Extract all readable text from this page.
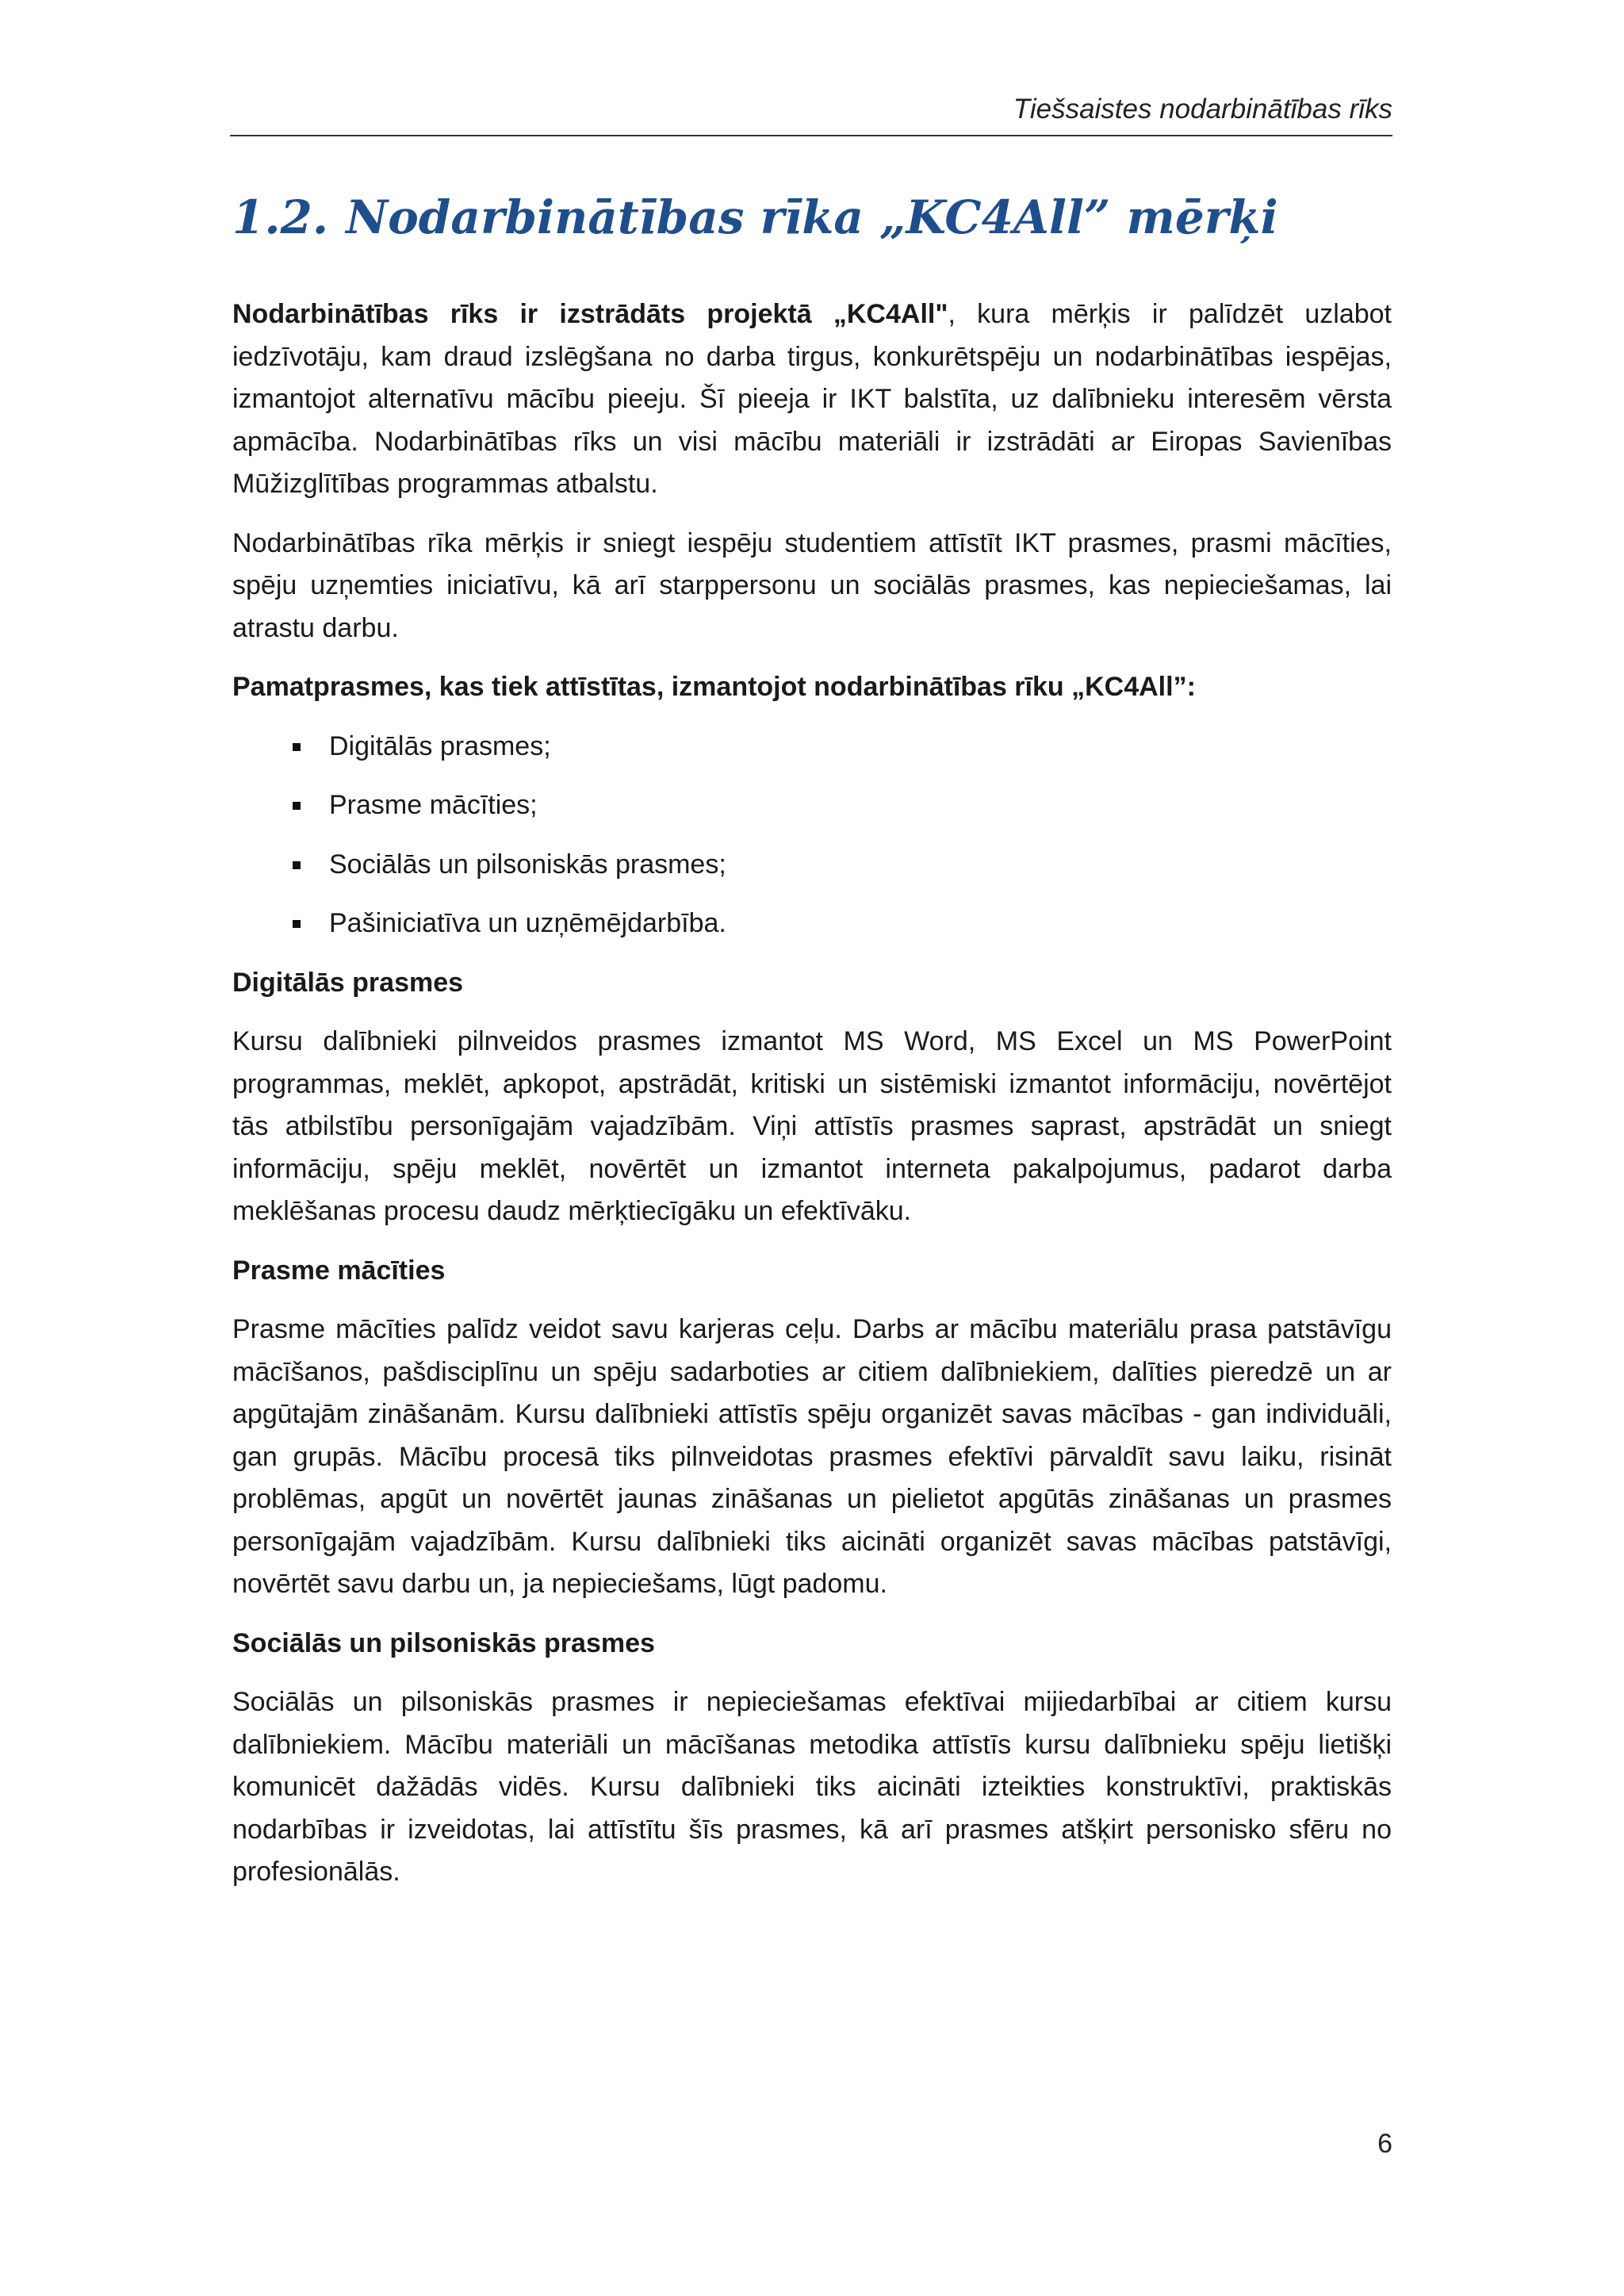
Tiešsaistes nodarbinātības rīks
1.2. Nodarbinātības rīka „KC4All” mērķi

Nodarbinātības rīks ir izstrādāts projektā „KC4All", kura mērķis ir palīdzēt uzlabot iedzīvotāju, kam draud izslēgšana no darba tirgus, konkurētspēju un nodarbinātības iespējas, izmantojot alternatīvu mācību pieeju. Šī pieeja ir IKT balstīta, uz dalībnieku interesēm vērsta apmācība. Nodarbinātības rīks un visi mācību materiāli ir izstrādāti ar Eiropas Savienības Mūžizglītības programmas atbalstu.

Nodarbinātības rīka mērķis ir sniegt iespēju studentiem attīstīt IKT prasmes, prasmi mācīties, spēju uzņemties iniciatīvu, kā arī starppersonu un sociālās prasmes, kas nepieciešamas, lai atrastu darbu.

Pamatprasmes, kas tiek attīstītas, izmantojot nodarbinātības rīku „KC4All”:

Digitālās prasmes;
Prasme mācīties;
Sociālās un pilsoniskās prasmes;
Pašiniciatīva un uzņēmējdarbība.

Digitālās prasmes

Kursu dalībnieki pilnveidos prasmes izmantot MS Word, MS Excel un MS PowerPoint programmas, meklēt, apkopot, apstrādāt, kritiski un sistēmiski izmantot informāciju, novērtējot tās atbilstību personīgajām vajadzībām. Viņi attīstīs prasmes saprast, apstrādāt un sniegt informāciju, spēju meklēt, novērtēt un izmantot interneta pakalpojumus, padarot darba meklēšanas procesu daudz mērķtiecīgāku un efektīvāku.

Prasme mācīties

Prasme mācīties palīdz veidot savu karjeras ceļu. Darbs ar mācību materiālu prasa patstāvīgu mācīšanos, pašdisciplīnu un spēju sadarboties ar citiem dalībniekiem, dalīties pieredzē un ar apgūtajām zināšanām. Kursu dalībnieki attīstīs spēju organizēt savas mācības - gan individuāli, gan grupās. Mācību procesā tiks pilnveidotas prasmes efektīvi pārvaldīt savu laiku, risināt problēmas, apgūt un novērtēt jaunas zināšanas un pielietot apgūtās zināšanas un prasmes personīgajām vajadzībām. Kursu dalībnieki tiks aicināti organizēt savas mācības patstāvīgi, novērtēt savu darbu un, ja nepieciešams, lūgt padomu.

Sociālās un pilsoniskās prasmes

Sociālās un pilsoniskās prasmes ir nepieciešamas efektīvai mijiedarbībai ar citiem kursu dalībniekiem. Mācību materiāli un mācīšanas metodika attīstīs kursu dalībnieku spēju lietišķi komunicēt dažādās vidēs. Kursu dalībnieki tiks aicināti izteikties konstruktīvi, praktiskās nodarbības ir izveidotas, lai attīstītu šīs prasmes, kā arī prasmes atšķirt personisko sfēru no profesionālās.

6
